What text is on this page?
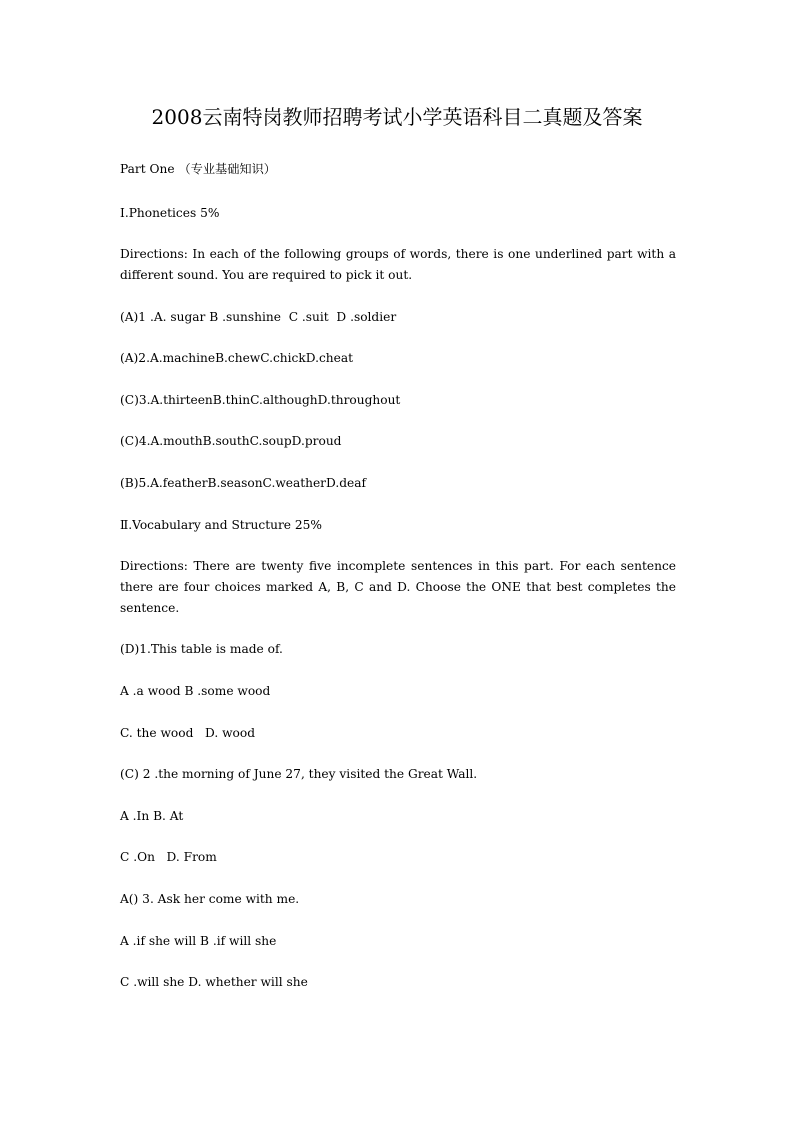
2008云南特岗教师招聘考试小学英语科目二真题及答案
Part One （专业基础知识）
Ⅰ.Phonetices 5%
Directions: In each of the following groups of words, there is one underlined part with a different sound. You are required to pick it out.
(A)1 .A. sugar B .sunshine  C .suit  D .soldier
(A)2.A.machineB.chewC.chickD.cheat
(C)3.A.thirteenB.thinC.althoughD.throughout
(C)4.A.mouthB.southC.soupD.proud
(B)5.A.featherB.seasonC.weatherD.deaf
Ⅱ.Vocabulary and Structure 25%
Directions: There are twenty five incomplete sentences in this part. For each sentence there are four choices marked A, B, C and D. Choose the ONE that best completes the sentence.
(D)1.This table is made of.
A .a wood B .some wood
C. the wood   D. wood
(C) 2 .the morning of June 27, they visited the Great Wall.
A .In B. At
C .On   D. From
A() 3. Ask her come with me.
A .if she will B .if will she
C .will she D. whether will she
